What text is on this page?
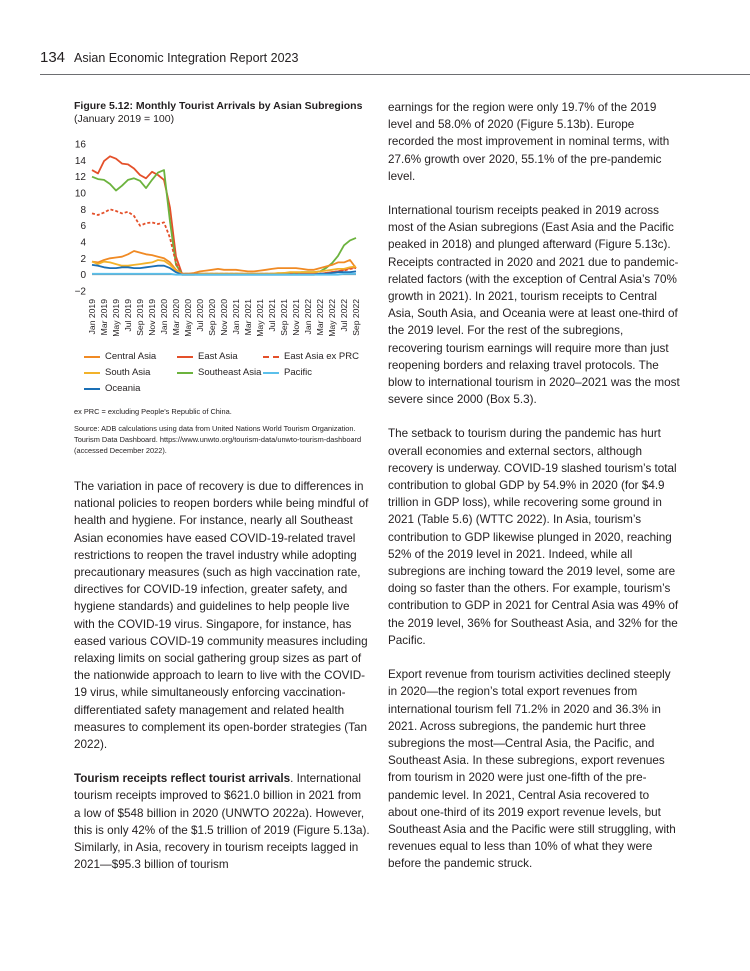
134 Asian Economic Integration Report 2023
Figure 5.12: Monthly Tourist Arrivals by Asian Subregions
(January 2019 = 100)
−2
0
2
4
6
8
10
12
14
16
Jan 2019 Mar 2019 May 2019 Jul 2019 Sep 2019 Nov 2019 Jan 2020 Mar 2020 May 2020 Jul 2020 Sep 2020 Nov 2020 Jan 2021 Mar 2021 May 2021 Jul 2021 Sep 2021 Nov 2021 Jan 2022 Mar 2022 May 2022 Jul 2022 Sep 2022
Central Asia	East Asia	East Asia ex PRC
South Asia	Southeast Asia Pacific
Oceania
ex PRC = excluding People’s Republic of China.
Source: ADB calculations using data from United Nations World Tourism Organization. Tourism Data Dashboard. https://www.unwto.org/tourism-data/unwto-tourism-dashboard (accessed December 2022).

The variation in pace of recovery is due to differences in national policies to reopen borders while being mindful of health and hygiene. For instance, nearly all Southeast Asian economies have eased COVID-19-related travel restrictions to reopen the travel industry while adopting precautionary measures (such as high vaccination rate, directives for COVID-19 infection, greater safety, and hygiene standards) and guidelines to help people live with the COVID-19 virus. Singapore, for instance, has eased various COVID-19 community measures including relaxing limits on social gathering group sizes as part of the nationwide approach to learn to live with the COVID-19 virus, while simultaneously enforcing vaccination-differentiated safety management and related health measures to complement its open-border strategies (Tan 2022).

Tourism receipts reflect tourist arrivals. International tourism receipts improved to $621.0 billion in 2021 from a low of $548 billion in 2020 (UNWTO 2022a). However, this is only 42% of the $1.5 trillion of 2019 (Figure 5.13a). Similarly, in Asia, recovery in tourism receipts lagged in 2021—$95.3 billion of tourism

earnings for the region were only 19.7% of the 2019 level and 58.0% of 2020 (Figure 5.13b). Europe recorded the most improvement in nominal terms, with 27.6% growth over 2020, 55.1% of the pre-pandemic level.

International tourism receipts peaked in 2019 across most of the Asian subregions (East Asia and the Pacific peaked in 2018) and plunged afterward (Figure 5.13c). Receipts contracted in 2020 and 2021 due to pandemic-related factors (with the exception of Central Asia’s 70% growth in 2021). In 2021, tourism receipts to Central Asia, South Asia, and Oceania were at least one-third of the 2019 level. For the rest of the subregions, recovering tourism earnings will require more than just reopening borders and relaxing travel protocols. The blow to international tourism in 2020–2021 was the most severe since 2000 (Box 5.3).

The setback to tourism during the pandemic has hurt overall economies and external sectors, although recovery is underway. COVID-19 slashed tourism’s total contribution to global GDP by 54.9% in 2020 (for $4.9 trillion in GDP loss), while recovering some ground in 2021 (Table 5.6) (WTTC 2022). In Asia, tourism’s contribution to GDP likewise plunged in 2020, reaching 52% of the 2019 level in 2021. Indeed, while all subregions are inching toward the 2019 level, some are doing so faster than the others. For example, tourism’s contribution to GDP in 2021 for Central Asia was 49% of the 2019 level, 36% for Southeast Asia, and 32% for the Pacific.

Export revenue from tourism activities declined steeply in 2020—the region’s total export revenues from international tourism fell 71.2% in 2020 and 36.3% in 2021. Across subregions, the pandemic hurt three subregions the most—Central Asia, the Pacific, and Southeast Asia. In these subregions, export revenues from tourism in 2020 were just one-fifth of the pre-pandemic level. In 2021, Central Asia recovered to about one-third of its 2019 export revenue levels, but Southeast Asia and the Pacific were still struggling, with revenues equal to less than 10% of what they were before the pandemic struck.
